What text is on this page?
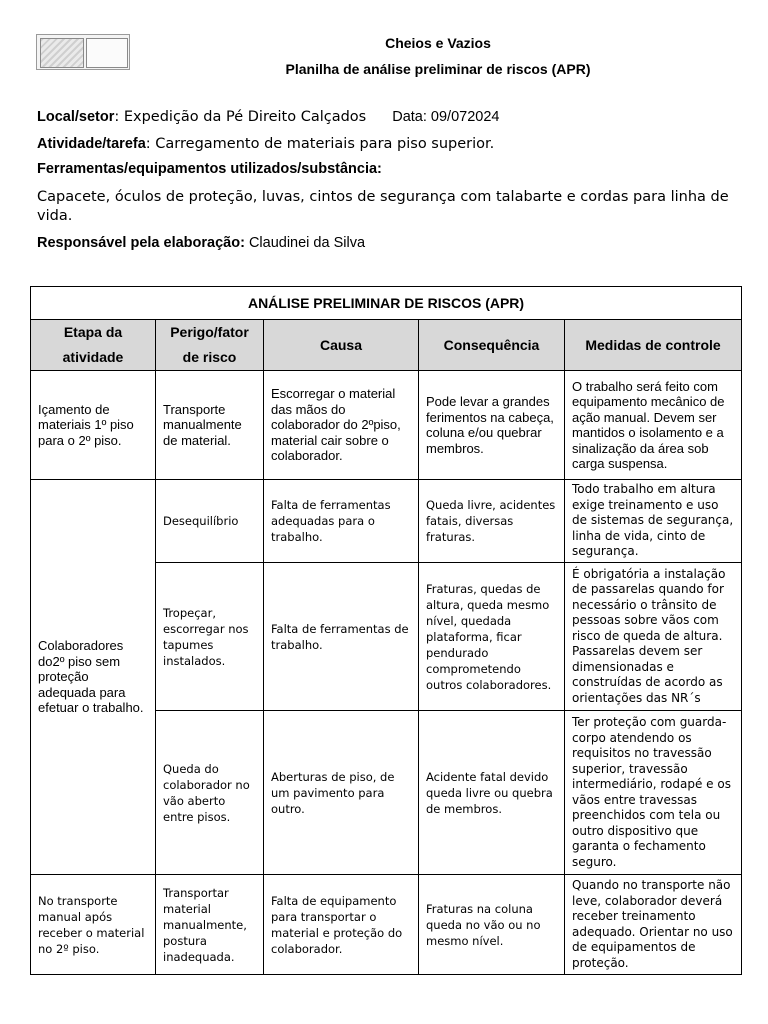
Cheios e Vazios
Planilha de análise preliminar de riscos (APR)
Local/setor: Expedição da Pé Direito Calçados Data: 09/072024
Atividade/tarefa: Carregamento de materiais para piso superior.
Ferramentas/equipamentos utilizados/substância:
Capacete, óculos de proteção, luvas, cintos de segurança com talabarte e cordas para linha de vida.
Responsável pela elaboração: Claudinei da Silva
ANÁLISE PRELIMINAR DE RISCOS (APR)				
Etapa da atividade	Perigo/fator de risco	Causa	Consequência	Medidas de controle
Içamento de materiais 1º piso para o 2º piso.	Transporte manualmente de material.	Escorregar o material das mãos do colaborador do 2ºpiso, material cair sobre o colaborador.	Pode levar a grandes ferimentos na cabeça, coluna e/ou quebrar membros.	O trabalho será feito com equipamento mecânico de ação manual. Devem ser mantidos o isolamento e a sinalização da área sob carga suspensa.
Colaboradores do2º piso sem proteção adequada para efetuar o trabalho.	Desequilíbrio	Falta de ferramentas adequadas para o trabalho.	Queda livre, acidentes fatais, diversas fraturas.	Todo trabalho em altura exige treinamento e uso de sistemas de segurança, linha de vida, cinto de segurança.
	Tropeçar, escorregar nos tapumes instalados.	Falta de ferramentas de trabalho.	Fraturas, quedas de altura, queda mesmo nível, quedada plataforma, ficar pendurado comprometendo outros colaboradores.	É obrigatória a instalação de passarelas quando for necessário o trânsito de pessoas sobre vãos com risco de queda de altura. Passarelas devem ser dimensionadas e construídas de acordo as orientações das NR´s
	Queda do colaborador no vão aberto entre pisos.	Aberturas de piso, de um pavimento para outro.	Acidente fatal devido queda livre ou quebra de membros.	Ter proteção com guarda-corpo atendendo os requisitos no travessão superior, travessão intermediário, rodapé e os vãos entre travessas preenchidos com tela ou outro dispositivo que garanta o fechamento seguro.
No transporte manual após receber o material no 2º piso.	Transportar material manualmente, postura inadequada.	Falta de equipamento para transportar o material e proteção do colaborador.	Fraturas na coluna queda no vão ou no mesmo nível.	Quando no transporte não leve, colaborador deverá receber treinamento adequado. Orientar no uso de equipamentos de proteção.
